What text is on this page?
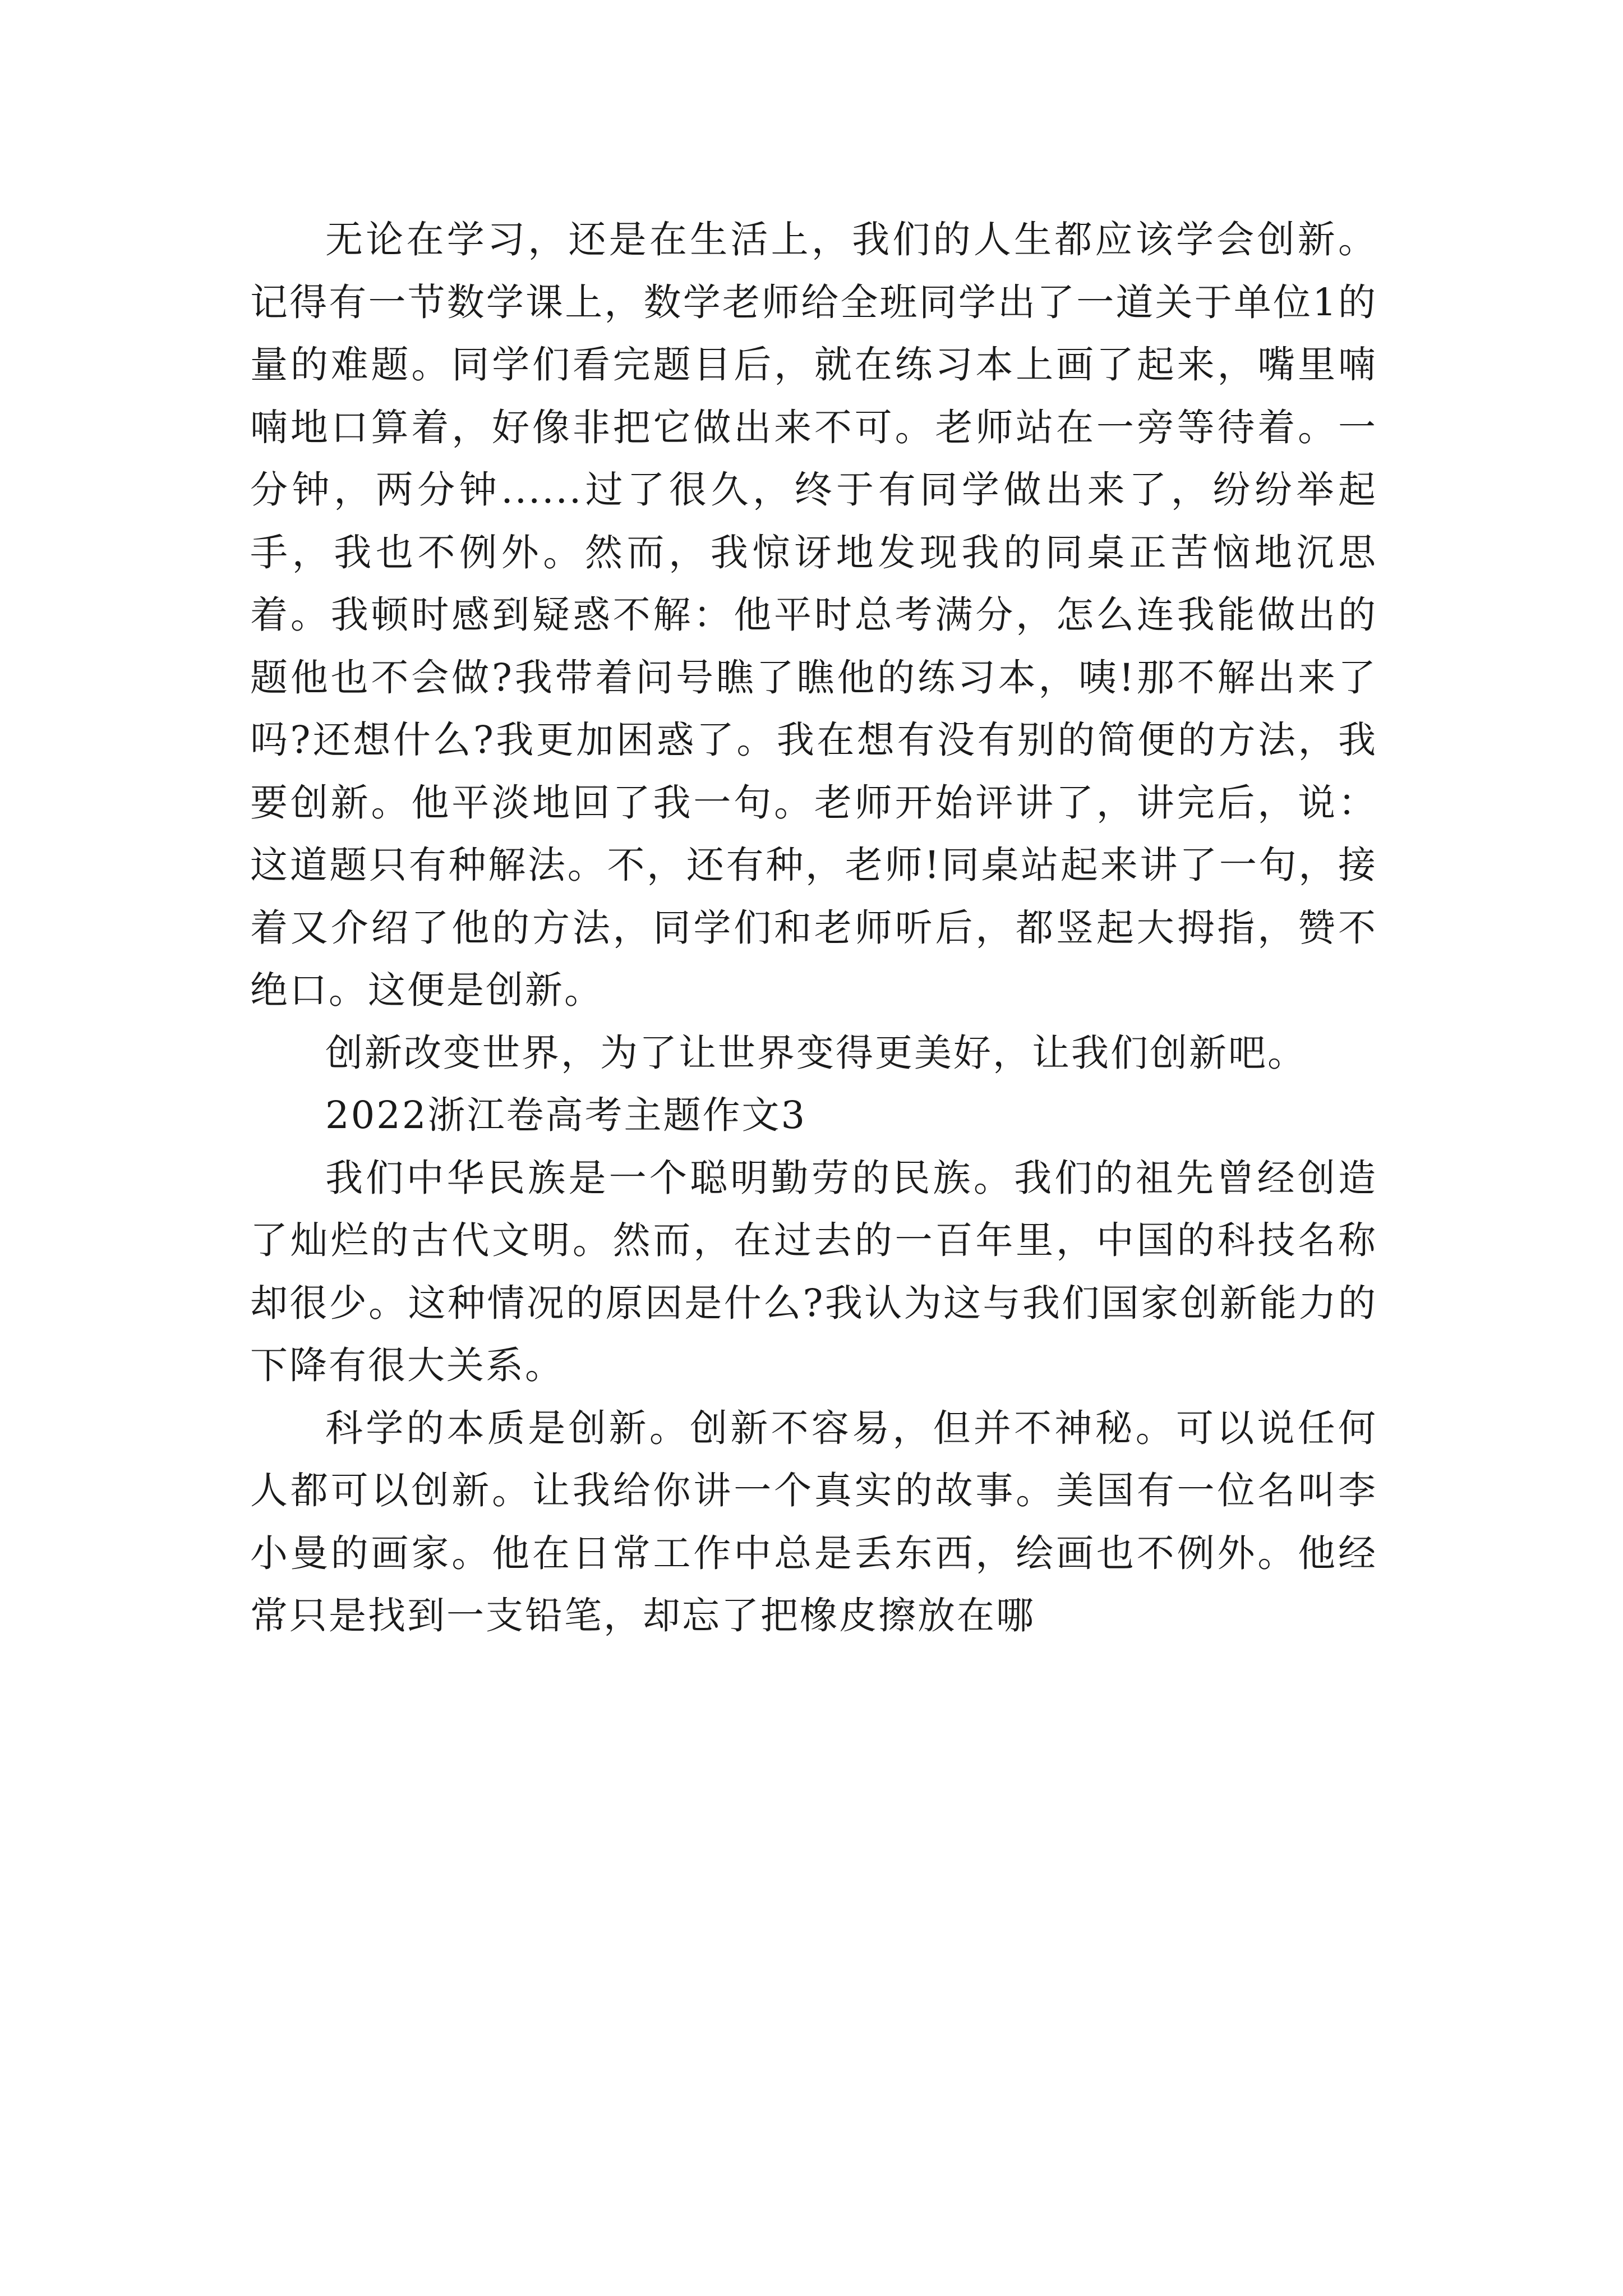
无论在学习，还是在生活上，我们的人生都应该学会创新。记得有一节数学课上，数学老师给全班同学出了一道关于单位1的量的难题。同学们看完题目后，就在练习本上画了起来，嘴里喃喃地口算着，好像非把它做出来不可。老师站在一旁等待着。一分钟，两分钟......过了很久，终于有同学做出来了，纷纷举起手，我也不例外。然而，我惊讶地发现我的同桌正苦恼地沉思着。我顿时感到疑惑不解：他平时总考满分，怎么连我能做出的题他也不会做?我带着问号瞧了瞧他的练习本，咦!那不解出来了吗?还想什么?我更加困惑了。我在想有没有别的简便的方法，我要创新。他平淡地回了我一句。老师开始评讲了，讲完后，说：这道题只有种解法。不，还有种，老师!同桌站起来讲了一句，接着又介绍了他的方法，同学们和老师听后，都竖起大拇指，赞不绝口。这便是创新。

创新改变世界，为了让世界变得更美好，让我们创新吧。

2022浙江卷高考主题作文3

我们中华民族是一个聪明勤劳的民族。我们的祖先曾经创造了灿烂的古代文明。然而，在过去的一百年里，中国的科技名称却很少。这种情况的原因是什么?我认为这与我们国家创新能力的下降有很大关系。

科学的本质是创新。创新不容易，但并不神秘。可以说任何人都可以创新。让我给你讲一个真实的故事。美国有一位名叫李小曼的画家。他在日常工作中总是丢东西，绘画也不例外。他经常只是找到一支铅笔，却忘了把橡皮擦放在哪
